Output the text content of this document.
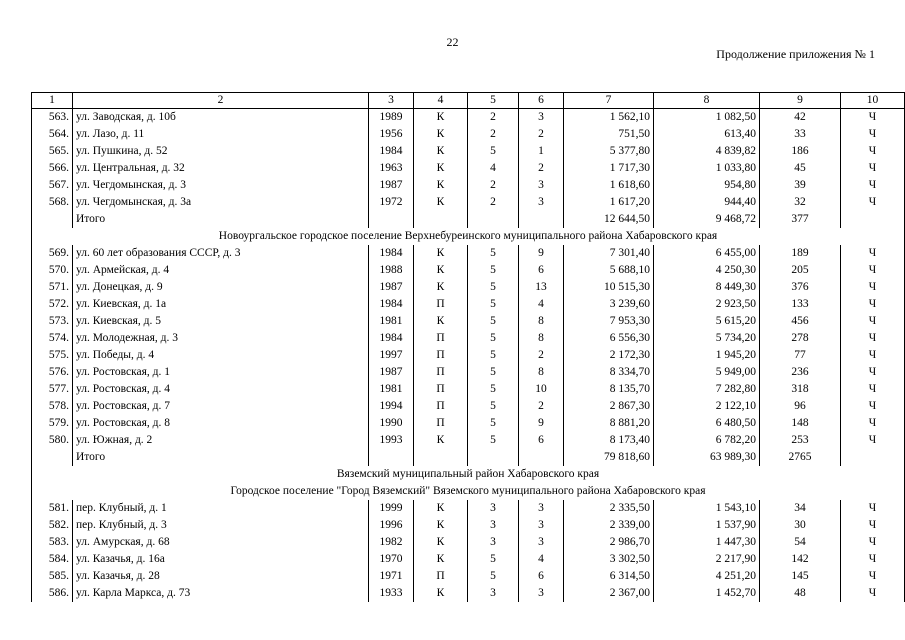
22
Продолжение приложения № 1
1	2	3	4	5	6	7	8	9	10
563.	ул. Заводская, д. 10б	1989	К	2	3	1 562,10	1 082,50	42	Ч
564.	ул. Лазо, д. 11	1956	К	2	2	751,50	613,40	33	Ч
565.	ул. Пушкина, д. 52	1984	К	5	1	5 377,80	4 839,82	186	Ч
566.	ул. Центральная, д. 32	1963	К	4	2	1 717,30	1 033,80	45	Ч
567.	ул. Чегдомынская, д. 3	1987	К	2	3	1 618,60	954,80	39	Ч
568.	ул. Чегдомынская, д. 3а	1972	К	2	3	1 617,20	944,40	32	Ч
	Итого					12 644,50	9 468,72	377	
Новоургальское городское поселение Верхнебуреинского муниципального района Хабаровского края									
569.	ул. 60 лет образования СССР, д. 3	1984	К	5	9	7 301,40	6 455,00	189	Ч
570.	ул. Армейская, д. 4	1988	К	5	6	5 688,10	4 250,30	205	Ч
571.	ул. Донецкая, д. 9	1987	К	5	13	10 515,30	8 449,30	376	Ч
572.	ул. Киевская, д. 1а	1984	П	5	4	3 239,60	2 923,50	133	Ч
573.	ул. Киевская, д. 5	1981	К	5	8	7 953,30	5 615,20	456	Ч
574.	ул. Молодежная, д. 3	1984	П	5	8	6 556,30	5 734,20	278	Ч
575.	ул. Победы, д. 4	1997	П	5	2	2 172,30	1 945,20	77	Ч
576.	ул. Ростовская, д. 1	1987	П	5	8	8 334,70	5 949,00	236	Ч
577.	ул. Ростовская, д. 4	1981	П	5	10	8 135,70	7 282,80	318	Ч
578.	ул. Ростовская, д. 7	1994	П	5	2	2 867,30	2 122,10	96	Ч
579.	ул. Ростовская, д. 8	1990	П	5	9	8 881,20	6 480,50	148	Ч
580.	ул. Южная, д. 2	1993	К	5	6	8 173,40	6 782,20	253	Ч
	Итого					79 818,60	63 989,30	2765	
Вяземский муниципальный район Хабаровского края									
Городское поселение "Город Вяземский" Вяземского муниципального района Хабаровского края									
581.	пер. Клубный, д. 1	1999	К	3	3	2 335,50	1 543,10	34	Ч
582.	пер. Клубный, д. 3	1996	К	3	3	2 339,00	1 537,90	30	Ч
583.	ул. Амурская, д. 68	1982	К	3	3	2 986,70	1 447,30	54	Ч
584.	ул. Казачья, д. 16а	1970	К	5	4	3 302,50	2 217,90	142	Ч
585.	ул. Казачья, д. 28	1971	П	5	6	6 314,50	4 251,20	145	Ч
586.	ул. Карла Маркса, д. 73	1933	К	3	3	2 367,00	1 452,70	48	Ч
